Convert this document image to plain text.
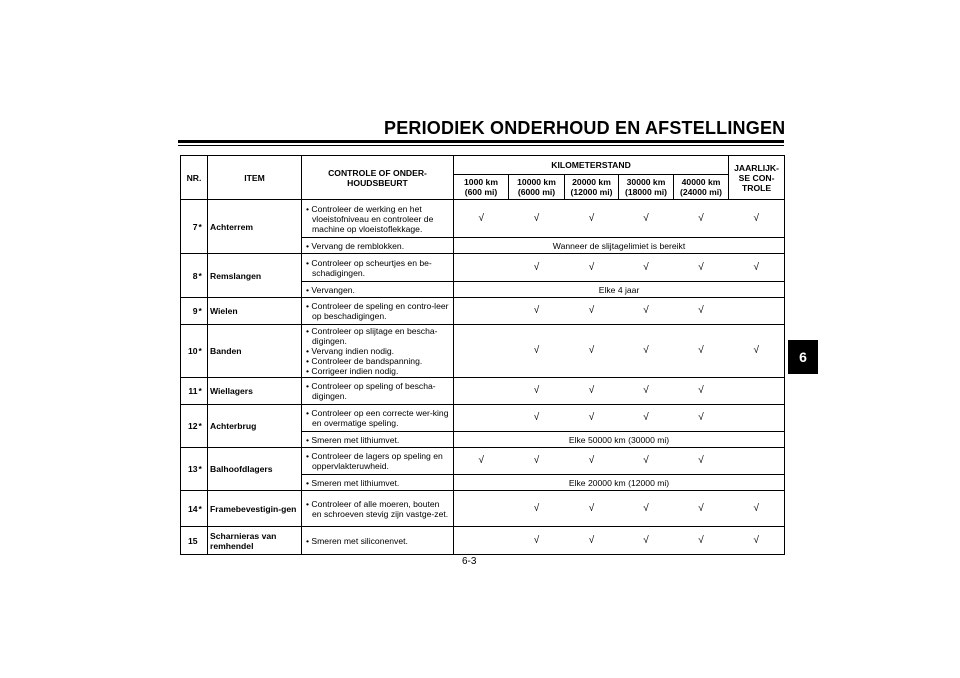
PERIODIEK ONDERHOUD EN AFSTELLINGEN
6
NR.		ITEM	CONTROLE OF ONDER-HOUDSBEURT	KILOMETERSTAND					JAARLIJK-SE CON-TROLE
				1000 km (600 mi)	10000 km (6000 mi)	20000 km (12000 mi)	30000 km (18000 mi)	40000 km (24000 mi)	
7	*	Achterrem	• Controleer de werking en het vloeistofniveau en controleer de machine op vloeistoflekkage.	√	√	√	√	√	√

			• Vervang de remblokken.	Wanneer de slijtagelimiet is bereikt					
8	*	Remslangen	• Controleer op scheurtjes en be-schadigingen.		√	√	√	√	√

			• Vervangen.	Elke 4 jaar					
9	*	Wielen	• Controleer de speling en contro-leer op beschadigingen.		√	√	√	√	
10	*	Banden	• Controleer op slijtage en bescha-digingen.
• Vervang indien nodig.
• Controleer de bandspanning.
• Corrigeer indien nodig.		√	√	√	√	√
11	*	Wiellagers	• Controleer op speling of bescha-digingen.		√	√	√	√	
12	*	Achterbrug	• Controleer op een correcte wer-king en overmatige speling.		√	√	√	√	

			• Smeren met lithiumvet.	Elke 50000 km (30000 mi)					
13	*	Balhoofdlagers	• Controleer de lagers op speling en oppervlakteruwheid.	√	√	√	√	√	

			• Smeren met lithiumvet.	Elke 20000 km (12000 mi)					
14	*	Framebevestigin-gen	• Controleer of alle moeren, bouten en schroeven stevig zijn vastge-zet.		√	√	√	√	√
15		Scharnieras van remhendel	• Smeren met siliconenvet.		√	√	√	√	√
6-3
